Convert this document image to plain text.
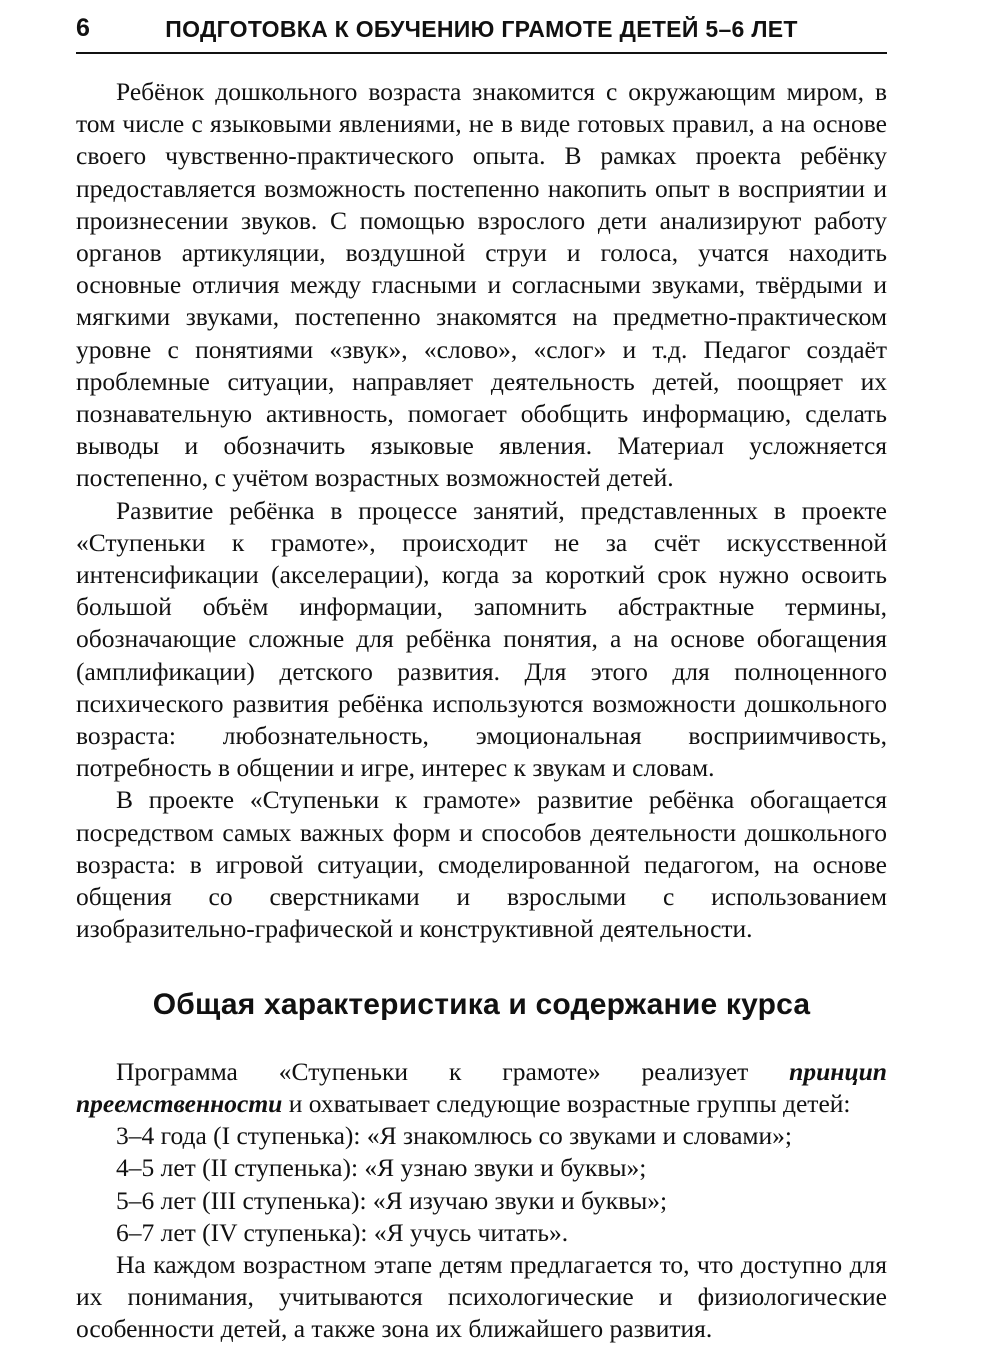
6	ПОДГОТОВКА К ОБУЧЕНИЮ ГРАМОТЕ ДЕТЕЙ 5–6 ЛЕТ

Ребёнок дошкольного возраста знакомится с окружающим миром, в том числе с языковыми явлениями, не в виде готовых правил, а на основе своего чувственно-практического опыта. В рамках проекта ребёнку предоставляется возможность постепенно накопить опыт в восприятии и произнесении звуков. С помощью взрослого дети анализируют работу органов артикуляции, воздушной струи и голоса, учатся находить основные отличия между гласными и согласными звуками, твёрдыми и мягкими звуками, постепенно знакомятся на предметно-практическом уровне с понятиями «звук», «слово», «слог» и т.д. Педагог создаёт проблемные ситуации, направляет деятельность детей, поощряет их познавательную активность, помогает обобщить информацию, сделать выводы и обозначить языковые явления. Материал усложняется постепенно, с учётом возрастных возможностей детей.

Развитие ребёнка в процессе занятий, представленных в проекте «Ступеньки к грамоте», происходит не за счёт искусственной интенсификации (акселерации), когда за короткий срок нужно освоить большой объём информации, запомнить абстрактные термины, обозначающие сложные для ребёнка понятия, а на основе обогащения (амплификации) детского развития. Для этого для полноценного психического развития ребёнка используются возможности дошкольного возраста: любознательность, эмоциональная восприимчивость, потребность в общении и игре, интерес к звукам и словам.

В проекте «Ступеньки к грамоте» развитие ребёнка обогащается посредством самых важных форм и способов деятельности дошкольного возраста: в игровой ситуации, смоделированной педагогом, на основе общения со сверстниками и взрослыми с использованием изобразительно-графической и конструктивной деятельности.

Общая характеристика и содержание курса

Программа «Ступеньки к грамоте» реализует принцип преемственности и охватывает следующие возрастные группы детей:

3–4 года (I ступенька): «Я знакомлюсь со звуками и словами»;
4–5 лет (II ступенька): «Я узнаю звуки и буквы»;
5–6 лет (III ступенька): «Я изучаю звуки и буквы»;
6–7 лет (IV ступенька): «Я учусь читать».

На каждом возрастном этапе детям предлагается то, что доступно для их понимания, учитываются психологические и физиологические особенности детей, а также зона их ближайшего развития.
